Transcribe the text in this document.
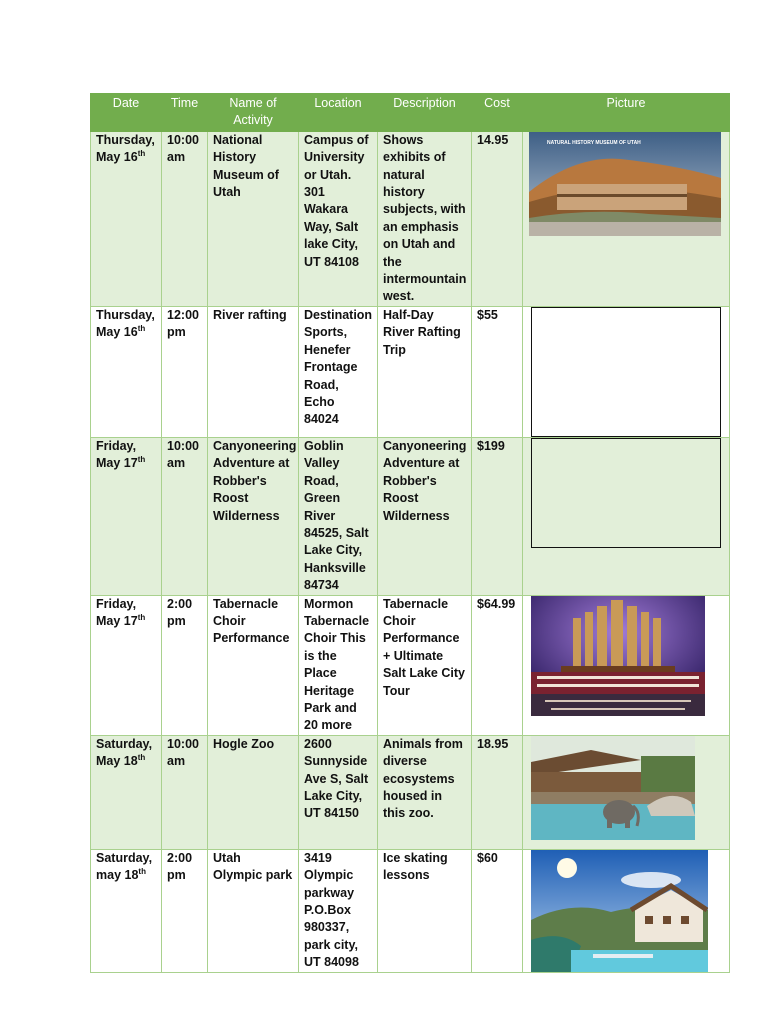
Date	Time	Name of Activity	Location	Description	Cost	Picture
Thursday,
May 16th	10:00 am	National History Museum of Utah	Campus of University or Utah. 301 Wakara Way, Salt lake City, UT 84108	Shows exhibits of natural history subjects, with an emphasis on Utah and the intermountain west.	14.95	NATURAL HISTORY MUSEUM OF UTAH

Thursday,
May 16th	12:00 pm	River rafting	Destination Sports, Henefer Frontage Road, Echo 84024	Half-Day River Rafting Trip	$55	

Friday,
May 17th	10:00 am	Canyoneering Adventure at Robber's Roost Wilderness	Goblin Valley Road, Green River 84525, Salt Lake City, Hanksville 84734	Canyoneering Adventure at Robber's Roost Wilderness	$199	

Friday,
May 17th	2:00 pm	Tabernacle Choir Performance	Mormon Tabernacle Choir This is the Place Heritage Park and 20 more	Tabernacle Choir Performance + Ultimate Salt Lake City Tour	$64.99	

Saturday,
May 18th	10:00 am	Hogle Zoo	2600 Sunnyside Ave S, Salt Lake City, UT 84150	Animals from diverse ecosystems housed in this zoo.	18.95	

Saturday,
may 18th	2:00 pm	Utah Olympic park	3419 Olympic parkway P.O.Box 980337, park city, UT 84098	Ice skating lessons	$60	
